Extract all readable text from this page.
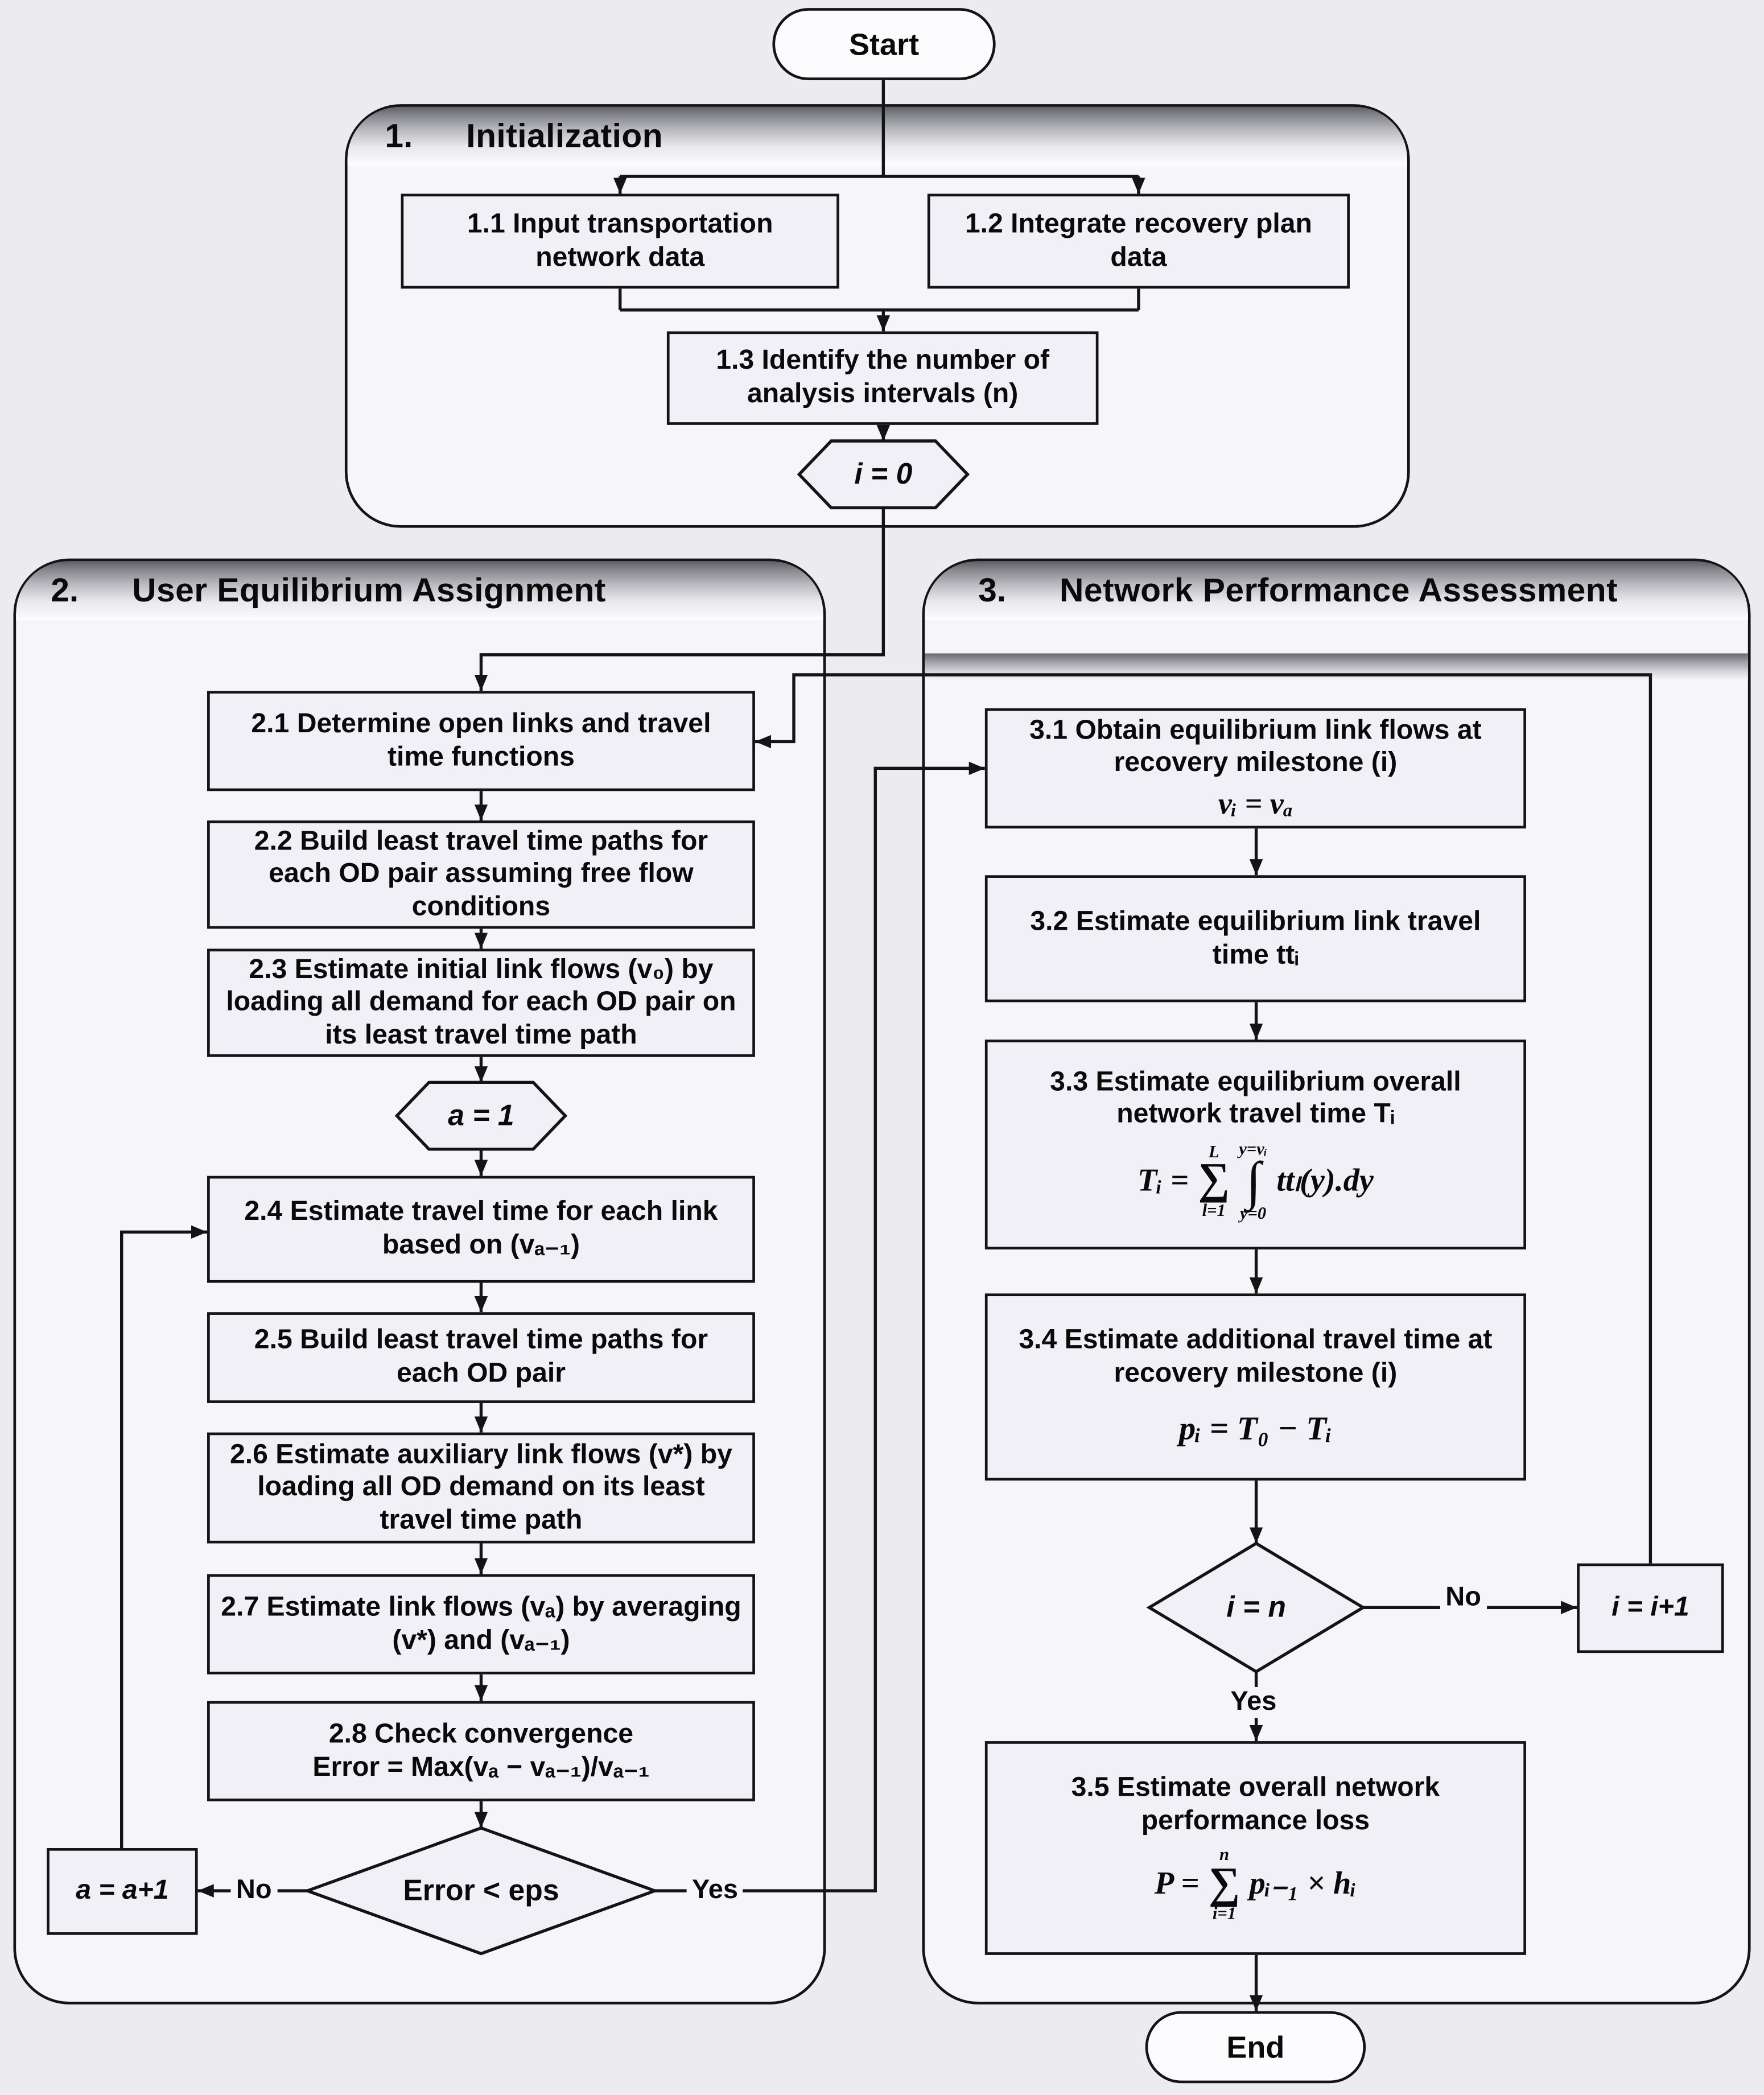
1.	Initialization
2.	User Equilibrium Assignment	3.	Network Performance Assessment
Start
End
1.1 Input transportation network data
1.2 Integrate recovery plan data
1.3 Identify the number of analysis intervals (n)
i = 0
2.1 Determine open links and travel time functions
2.2 Build least travel time paths for each OD pair assuming free flow conditions
2.3 Estimate initial link flows (v₀) by loading all demand for each OD pair on its least travel time path
a = 1
2.4 Estimate travel time for each link based on (vₐ₋₁)
2.5 Build least travel time paths for each OD pair
2.6 Estimate auxiliary link flows (v*) by loading all OD demand on its least travel time path
2.7 Estimate link flows (vₐ) by averaging (v*) and (vₐ₋₁)
2.8 Check convergence
Error = Max(vₐ − vₐ₋₁)/vₐ₋₁
Error < eps
a = a+1	No	Yes
3.1 Obtain equilibrium link flows at recovery milestone (i)
vᵢ = vₐ
3.2 Estimate equilibrium link travel time ttᵢ
3.3 Estimate equilibrium overall network travel time Tᵢ
Tᵢ =
L
∑
l=1
y=vᵢ
∫
y=0
ttₗ(y).dy
3.4 Estimate additional travel time at recovery milestone (i)
pᵢ = T₀ − Tᵢ
i = n	i = i+1
No
Yes
3.5 Estimate overall network performance loss
P =
n
∑
i=1
pᵢ₋₁ × hᵢ
